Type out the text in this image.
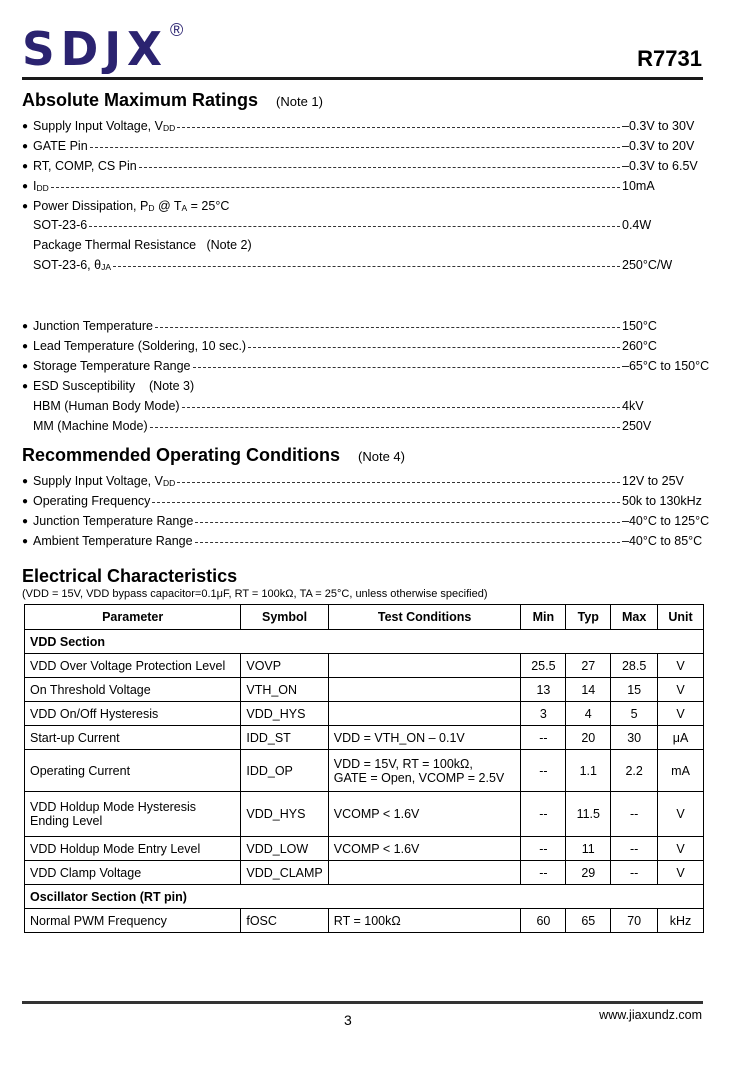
SDJX ®
R7731
Absolute Maximum Ratings (Note 1)
● Supply Input Voltage, $V_{DD}$	–0.3V to 30V
● GATE Pin	–0.3V to 20V
● RT, COMP, CS Pin	–0.3V to 6.5V
● $I_{DD}$	10mA
● Power Dissipation, $P_D$ @ $T_A = 25^\circ C$
SOT-23-6	0.4W
Package Thermal Resistance   (Note 2)
SOT-23-6, $\theta_{JA}$	250°C/W
● Junction Temperature	150°C
● Lead Temperature (Soldering, 10 sec.)	260°C
● Storage Temperature Range	–65°C to 150°C
● ESD Susceptibility    (Note 3)
HBM (Human Body Mode)	4kV
MM (Machine Mode)	250V
Recommended Operating Conditions (Note 4)
● Supply Input Voltage, $V_{DD}$	12V to 25V
● Operating Frequency	50k to 130kHz
● Junction Temperature Range	–40°C to 125°C
● Ambient Temperature Range	–40°C to 85°C
Electrical Characteristics
(VDD = 15V, VDD bypass capacitor=0.1μF, RT = 100kΩ, TA = 25°C, unless otherwise specified)
Parameter	Symbol	Test Conditions	Min	Typ	Max	Unit
VDD Section						
VDD Over Voltage Protection Level	VOVP		25.5	27	28.5	V
On Threshold Voltage	VTH_ON		13	14	15	V
VDD On/Off Hysteresis	VDD_HYS		3	4	5	V
Start-up Current	IDD_ST	VDD = VTH_ON – 0.1V	--	20	30	μA
Operating Current	IDD_OP	VDD = 15V, RT = 100kΩ,
GATE = Open, VCOMP = 2.5V	--	1.1	2.2	mA

VDD Holdup Mode Hysteresis
Ending Level	VDD_HYS	VCOMP < 1.6V	--	11.5	--	V
VDD Holdup Mode Entry Level	VDD_LOW	VCOMP < 1.6V	--	11	--	V
VDD Clamp Voltage	VDD_CLAMP		--	29	--	V
Oscillator Section (RT pin)						
Normal PWM Frequency	fOSC	RT = 100kΩ	60	65	70	kHz
3	www.jiaxundz.com
